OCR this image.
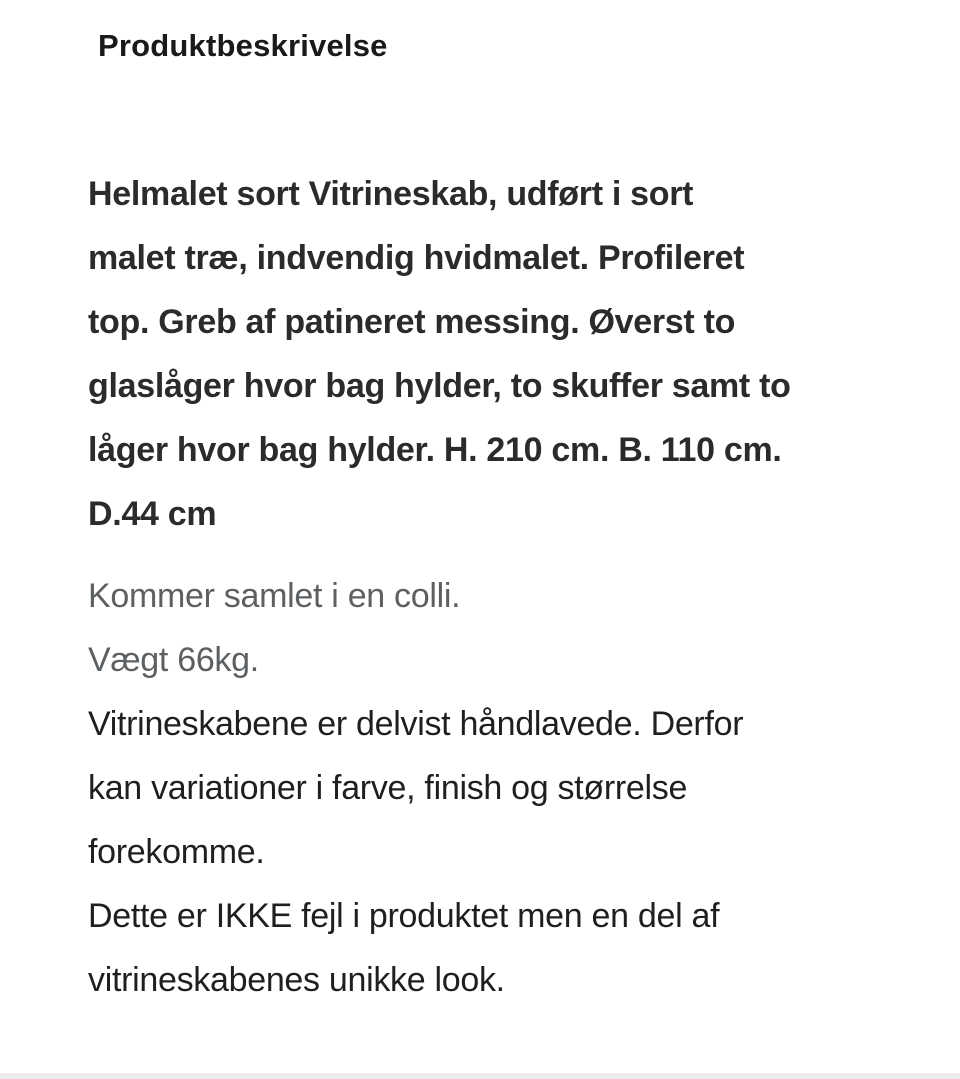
Produktbeskrivelse
Helmalet sort Vitrineskab, udført i sort
malet træ, indvendig hvidmalet. Profileret
top. Greb af patineret messing. Øverst to
glaslåger hvor bag hylder, to skuffer samt to
låger hvor bag hylder. H. 210 cm. B. 110 cm.
D.44 cm
Kommer samlet i en colli.
Vægt 66kg.
Vitrineskabene er delvist håndlavede. Derfor
kan variationer i farve, finish og størrelse
forekomme.
Dette er IKKE fejl i produktet men en del af
vitrineskabenes unikke look.
